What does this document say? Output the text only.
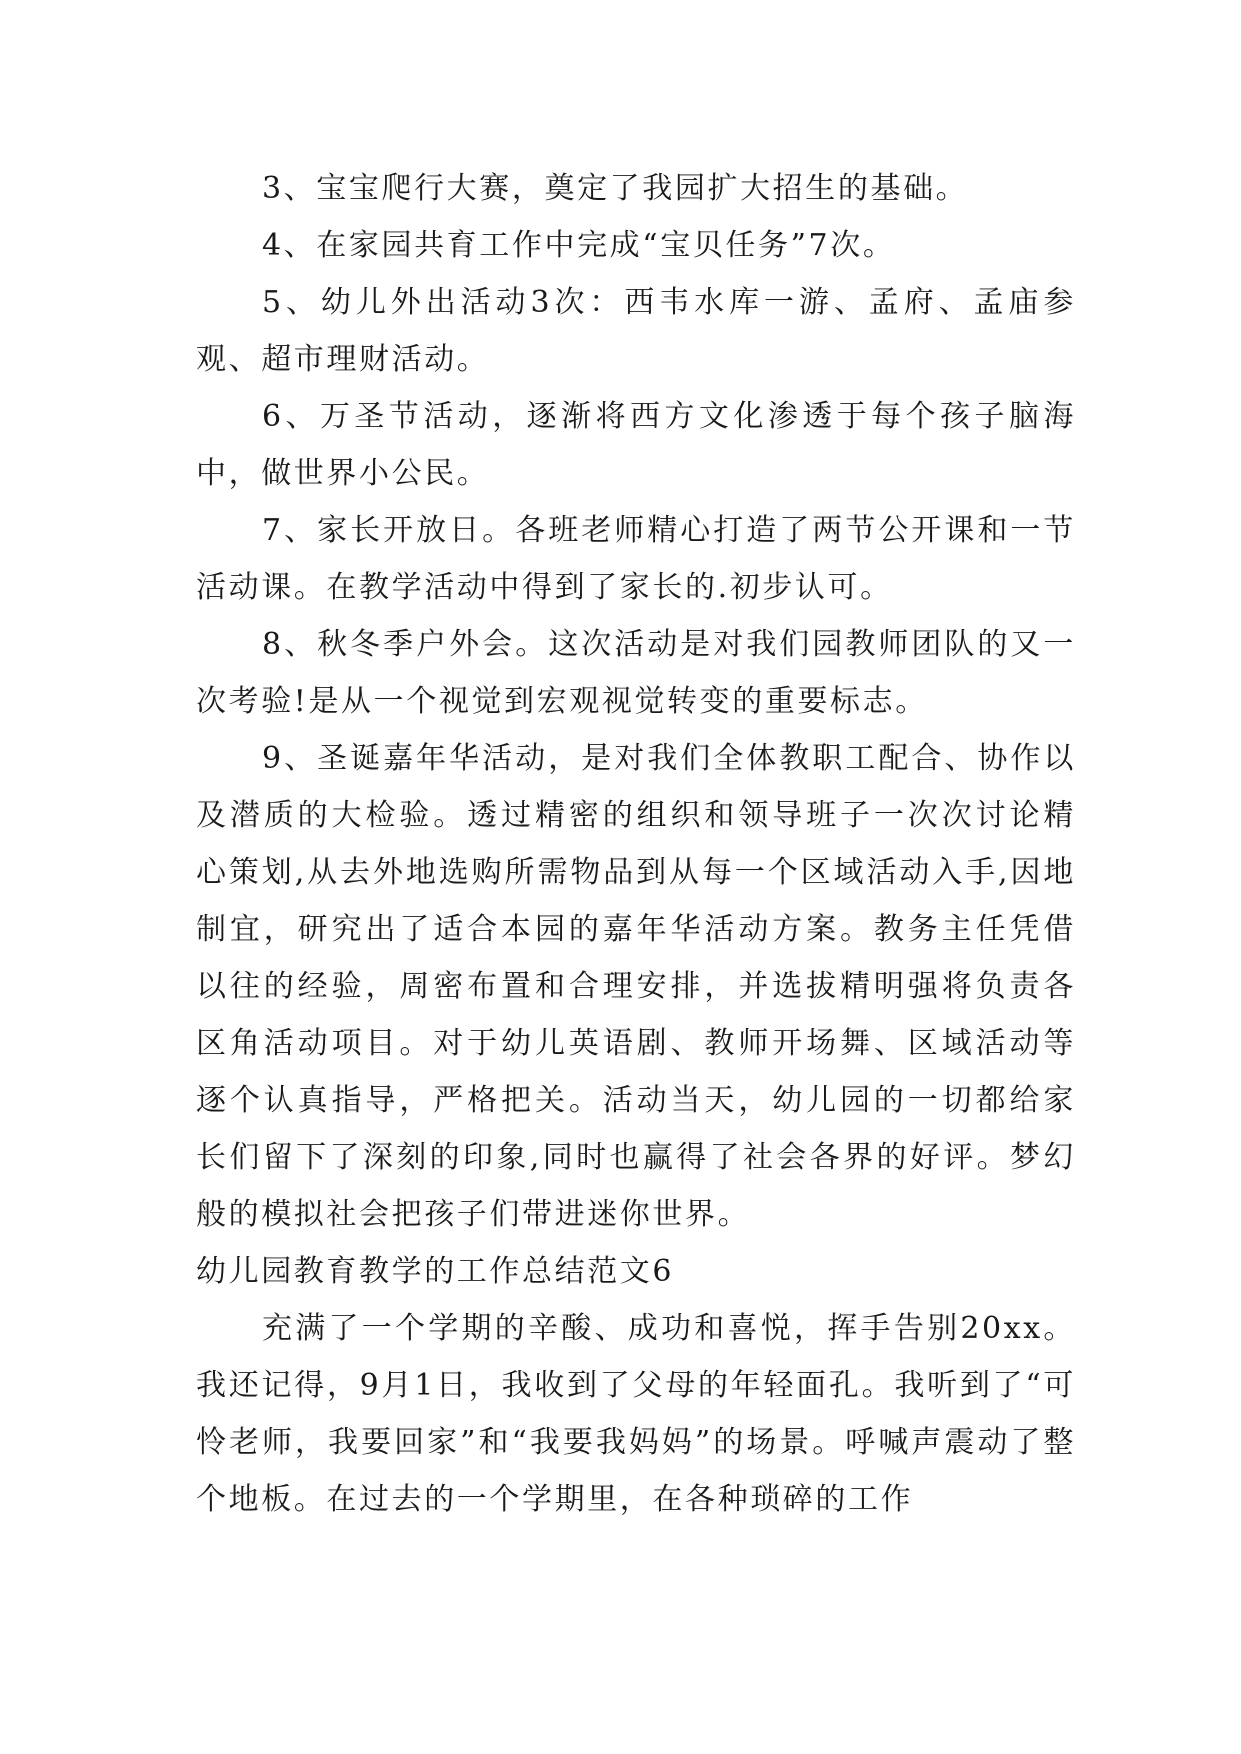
3、宝宝爬行大赛，奠定了我园扩大招生的基础。

4、在家园共育工作中完成“宝贝任务”7次。

5、幼儿外出活动3次：西韦水库一游、孟府、孟庙参观、超市理财活动。

6、万圣节活动，逐渐将西方文化渗透于每个孩子脑海中，做世界小公民。

7、家长开放日。各班老师精心打造了两节公开课和一节活动课。在教学活动中得到了家长的.初步认可。

8、秋冬季户外会。这次活动是对我们园教师团队的又一次考验!是从一个视觉到宏观视觉转变的重要标志。

9、圣诞嘉年华活动，是对我们全体教职工配合、协作以及潜质的大检验。透过精密的组织和领导班子一次次讨论精心策划,从去外地选购所需物品到从每一个区域活动入手,因地制宜，研究出了适合本园的嘉年华活动方案。教务主任凭借以往的经验，周密布置和合理安排，并选拔精明强将负责各区角活动项目。对于幼儿英语剧、教师开场舞、区域活动等逐个认真指导，严格把关。活动当天，幼儿园的一切都给家长们留下了深刻的印象,同时也赢得了社会各界的好评。梦幻般的模拟社会把孩子们带进迷你世界。

幼儿园教育教学的工作总结范文6

充满了一个学期的辛酸、成功和喜悦，挥手告别20xx。我还记得，9月1日，我收到了父母的年轻面孔。我听到了“可怜老师，我要回家”和“我要我妈妈”的场景。呼喊声震动了整个地板。在过去的一个学期里，在各种琐碎的工作
